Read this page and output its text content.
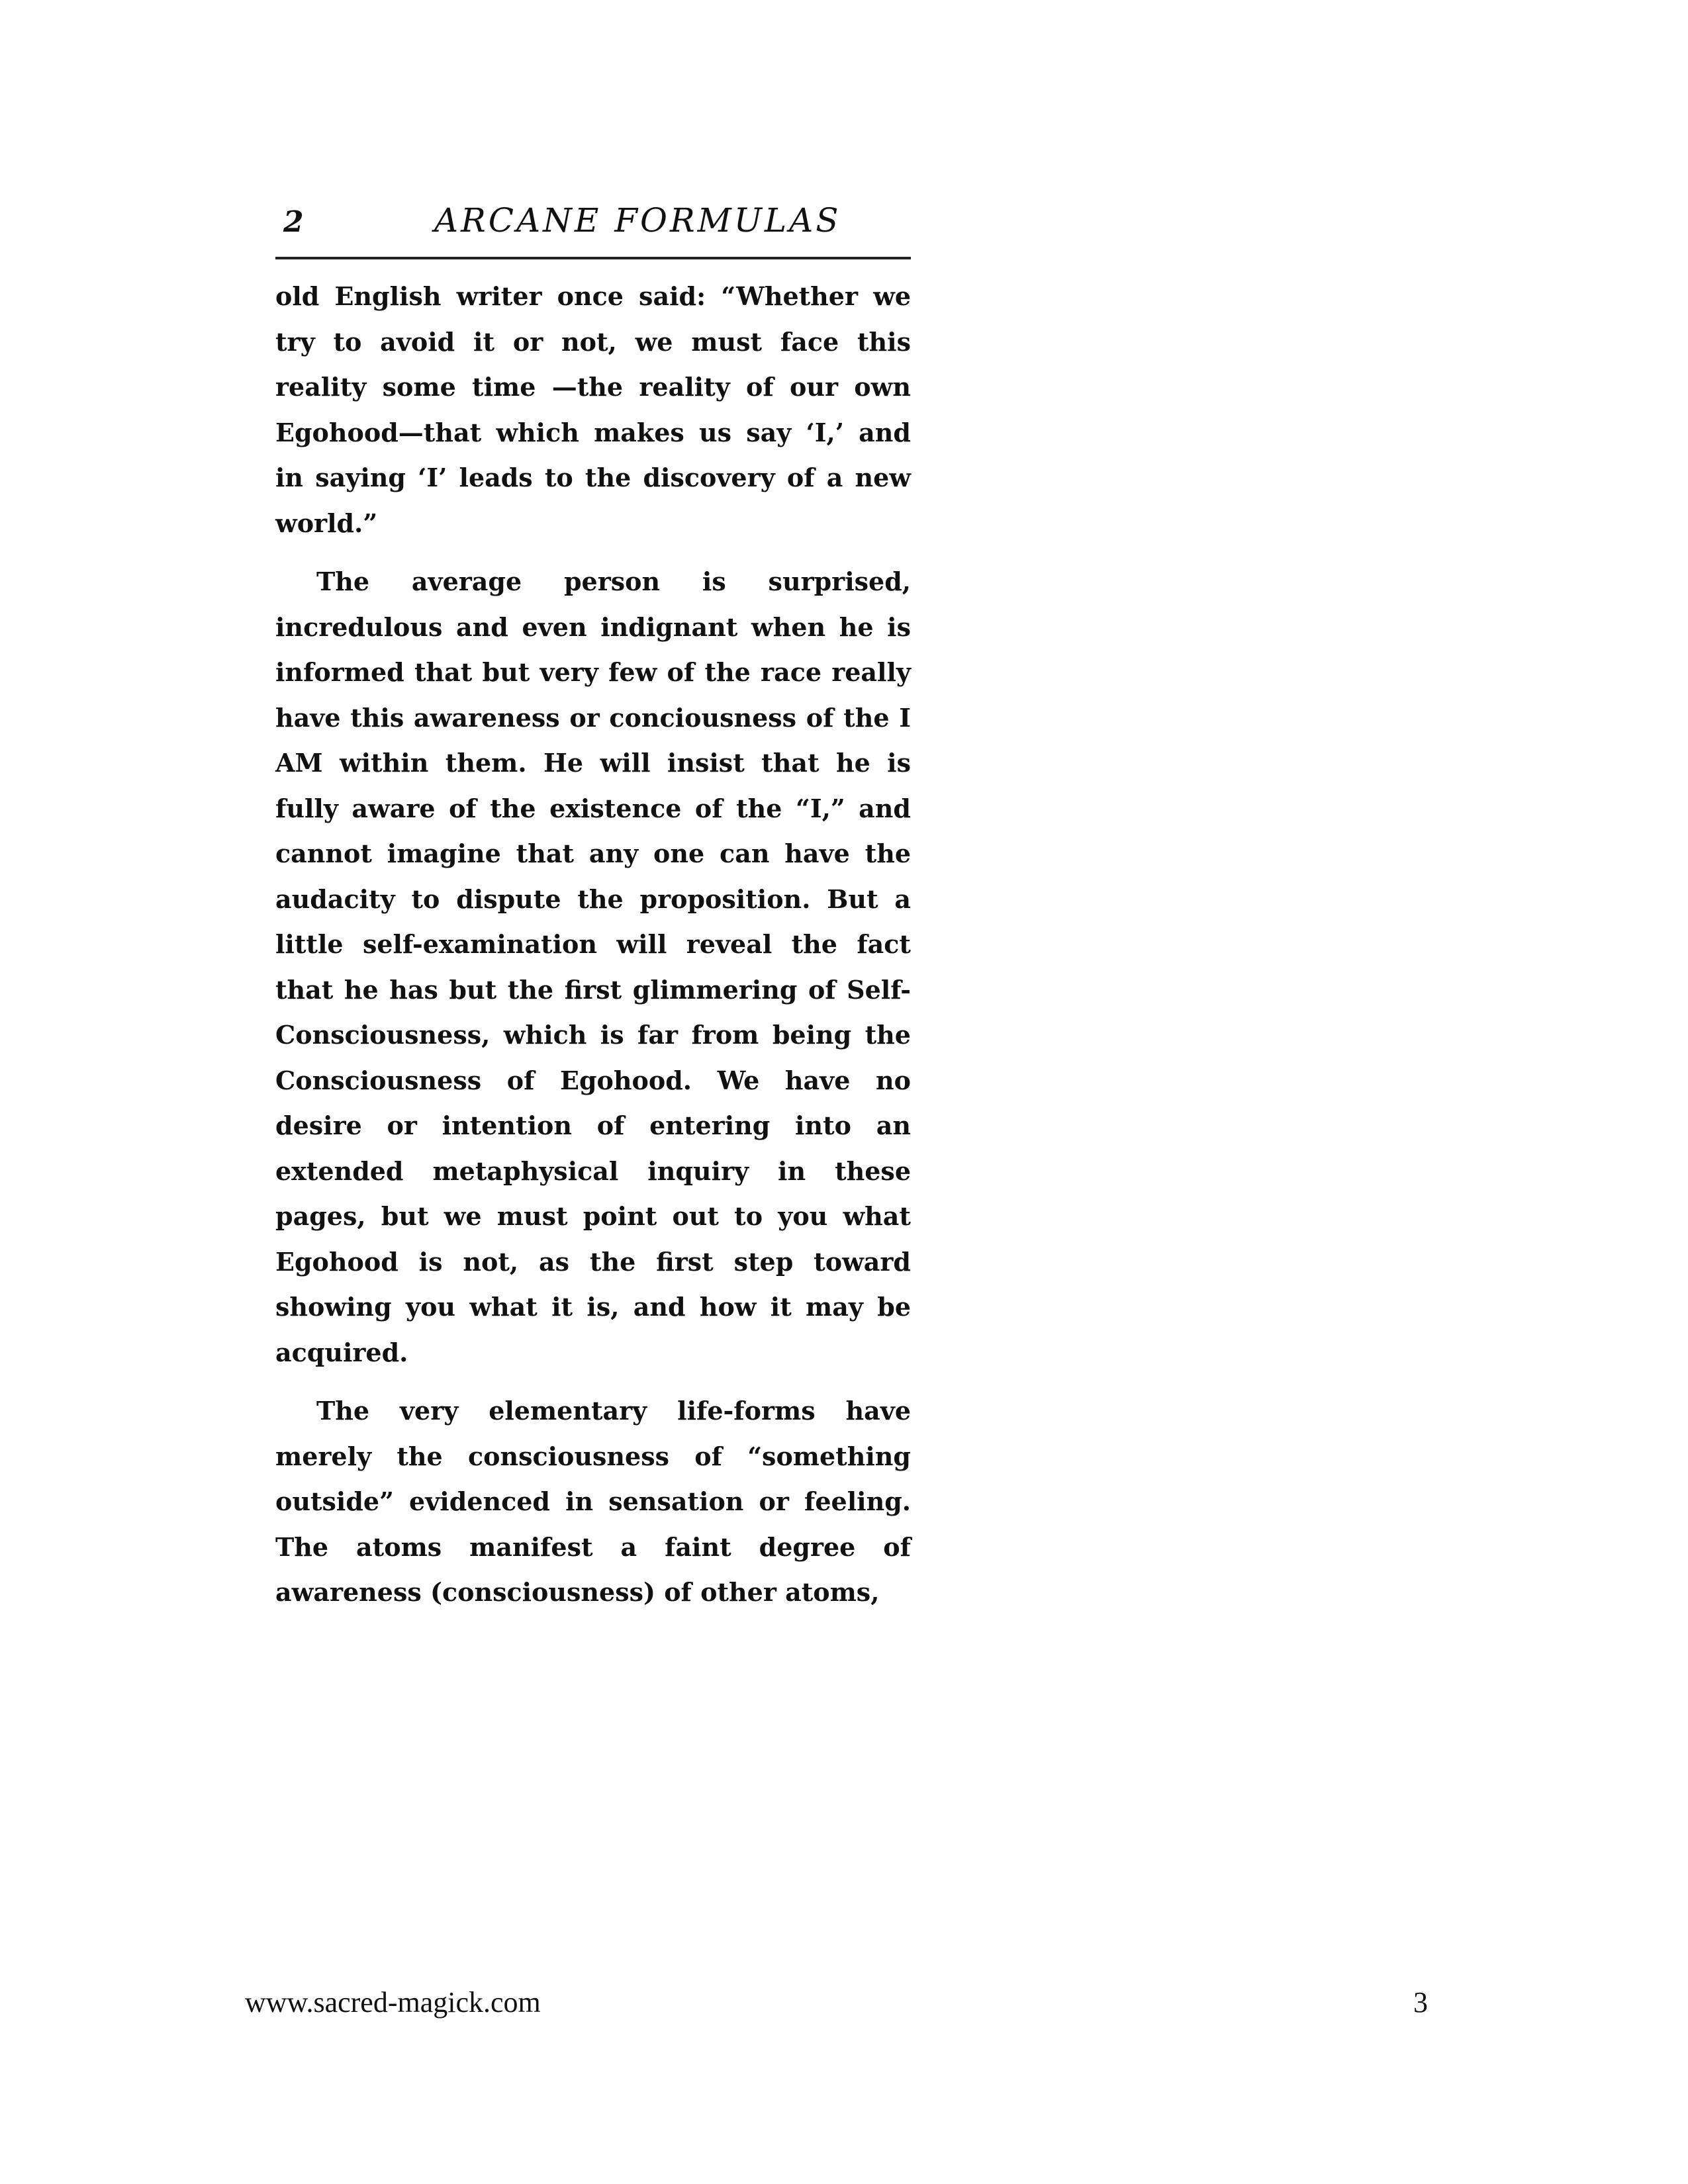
2	ARCANE FORMULAS

old English writer once said: “Whether we try to avoid it or not, we must face this reality some time —the reality of our own Egohood—that which makes us say ‘I,’ and in saying ‘I’ leads to the discovery of a new world.”

The average person is surprised, incredulous and even indignant when he is informed that but very few of the race really have this awareness or conciousness of the I AM within them. He will insist that he is fully aware of the existence of the “I,” and cannot imagine that any one can have the audacity to dispute the proposition. But a little self-examination will reveal the fact that he has but the first glimmering of Self-Consciousness, which is far from being the Consciousness of Egohood. We have no desire or intention of entering into an extended metaphysical inquiry in these pages, but we must point out to you what Egohood is not, as the first step toward showing you what it is, and how it may be acquired.

The very elementary life-forms have merely the consciousness of “something outside” evidenced in sensation or feeling. The atoms manifest a faint degree of awareness (consciousness) of other atoms,

www.sacred-magick.com	3
